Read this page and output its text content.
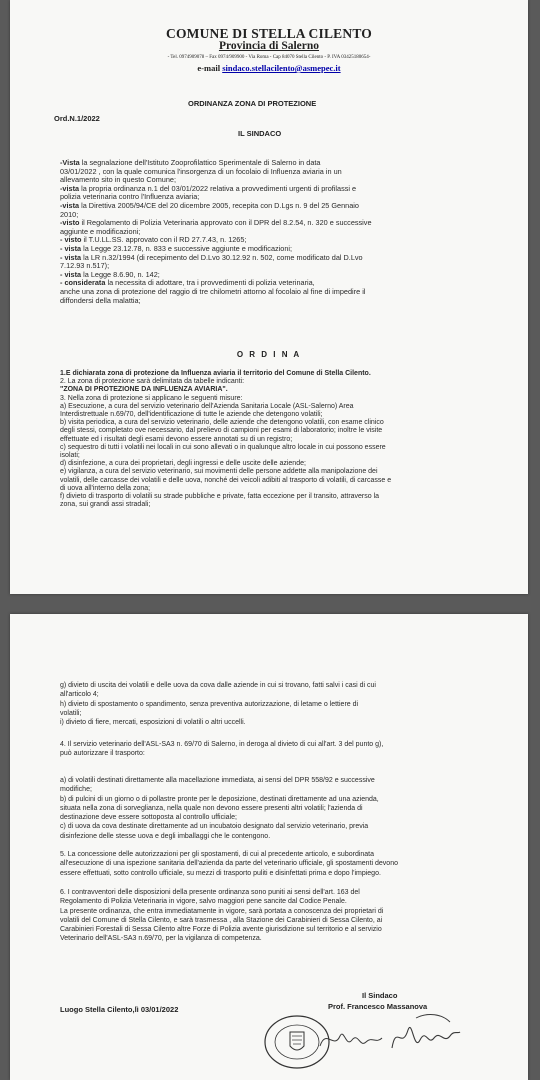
COMUNE DI STELLA CILENTO
Provincia di Salerno
- Tel. 0974909078 – Fax 0974/909900 - Via Roma - Cap 84070 Stella Cilento - P. IVA 03425180654-
e-mail sindaco.stellacilento@asmepec.it
ORDINANZA ZONA DI PROTEZIONE
Ord.N.1/2022
IL SINDACO

-Vista la segnalazione dell'Istituto Zooprofilattico Sperimentale di Salerno in data

03/01/2022 , con la quale comunica l'insorgenza di un focolaio di Influenza aviaria in un

allevamento sito in questo Comune;

-vista la propria ordinanza n.1 del 03/01/2022 relativa a provvedimenti urgenti di profilassi e

polizia veterinaria contro l'Influenza aviaria;

-vista la Direttiva 2005/94/CE del 20 dicembre 2005, recepita con D.Lgs n. 9 del 25 Gennaio

2010;

-visto il Regolamento di Polizia Veterinaria approvato con il DPR del 8.2.54, n. 320 e successive

aggiunte e modificazioni;

- visto il T.U.LL.SS. approvato con il RD 27.7.43, n. 1265;

- vista la Legge 23.12.78, n. 833 e successive aggiunte e modificazioni;

- vista la LR n.32/1994 (di recepimento del D.Lvo 30.12.92 n. 502, come modificato dal D.Lvo

7.12.93 n.517);

- vista la Legge 8.6.90, n. 142;

- considerata la necessita di adottare, tra i provvedimenti di polizia veterinaria,

anche una zona di protezione del raggio di tre chilometri attorno al focolaio al fine di impedire il

diffondersi della malattia;

O R D I N A

1.E dichiarata zona di protezione da Influenza aviaria il territorio del Comune di Stella Cilento.

2. La zona di protezione sarà delimitata da tabelle indicanti:

"ZONA DI PROTEZIONE DA INFLUENZA AVIARIA".

3. Nella zona di protezione si applicano le seguenti misure:

a) Esecuzione, a cura del servizio veterinario dell'Azienda Sanitaria Locale (ASL-Salerno) Area

Interdistrettuale n.69/70, dell'identificazione di tutte le aziende che detengono volatili;

b) visita periodica, a cura del servizio veterinario, delle aziende che detengono volatili, con esame clinico

degli stessi, completato ove necessario, dal prelievo di campioni per esami di laboratorio; inoltre le visite

effettuate ed i risultati degli esami devono essere annotati su di un registro;

c) sequestro di tutti i volatili nei locali in cui sono allevati o in qualunque altro locale in cui possono essere

isolati;

d) disinfezione, a cura dei proprietari, degli ingressi e delle uscite delle aziende;

e) vigilanza, a cura del servizio veterinario, sui movimenti delle persone addette alla manipolazione dei

volatili, delle carcasse dei volatili e delle uova, nonché dei veicoli adibiti al trasporto di volatili, di carcasse e

di uova all'interno della zona;

f) divieto di trasporto di volatili su strade pubbliche e private, fatta eccezione per il transito, attraverso la

zona, sui grandi assi stradali;

g) divieto di uscita dei volatili e delle uova da cova dalle aziende in cui si trovano, fatti salvi i casi di cui

all'articolo 4;

h) divieto di spostamento o spandimento, senza preventiva autorizzazione, di letame o lettiere di

volatili;

i) divieto di fiere, mercati, esposizioni di volatili o altri uccelli.

4. Il servizio veterinario dell'ASL-SA3 n. 69/70 di Salerno, in deroga al divieto di cui all'art. 3 del punto g),

può autorizzare il trasporto:

a) di volatili destinati direttamente alla macellazione immediata, ai sensi del DPR 558/92 e successive

modifiche;

b) di pulcini di un giorno o di pollastre pronte per le deposizione, destinati direttamente ad una azienda,

situata nella zona di sorveglianza, nella quale non devono essere presenti altri volatili; l'azienda di

destinazione deve essere sottoposta al controllo ufficiale;

c) di uova da cova destinate direttamente ad un incubatoio designato dal servizio veterinario, previa

disinfezione delle stesse uova e degli imballaggi che le contengono.

5. La concessione delle autorizzazioni per gli spostamenti, di cui al precedente articolo, e subordinata

all'esecuzione di una ispezione sanitaria dell'azienda da parte del veterinario ufficiale, gli spostamenti devono

essere effettuati, sotto controllo ufficiale, su mezzi di trasporto puliti e disinfettati prima e dopo l'impiego.

6. I contravventori delle disposizioni della presente ordinanza sono puniti ai sensi dell'art. 163 del

Regolamento di Polizia Veterinaria in vigore, salvo maggiori pene sancite dal Codice Penale.

La presente ordinanza, che entra immediatamente in vigore, sarà portata a conoscenza dei proprietari di

volatili del Comune di Stella Cilento, e sarà trasmessa , alla Stazione dei Carabinieri di Sessa Cilento, ai

Carabinieri Forestali di Sessa Cilento altre Forze di Polizia avente giurisdizione sul territorio e al servizio

Veterinario dell'ASL-SA3 n.69/70, per la vigilanza di competenza.

Luogo Stella Cilento,lì 03/01/2022
Il Sindaco
Prof. Francesco Massanova
